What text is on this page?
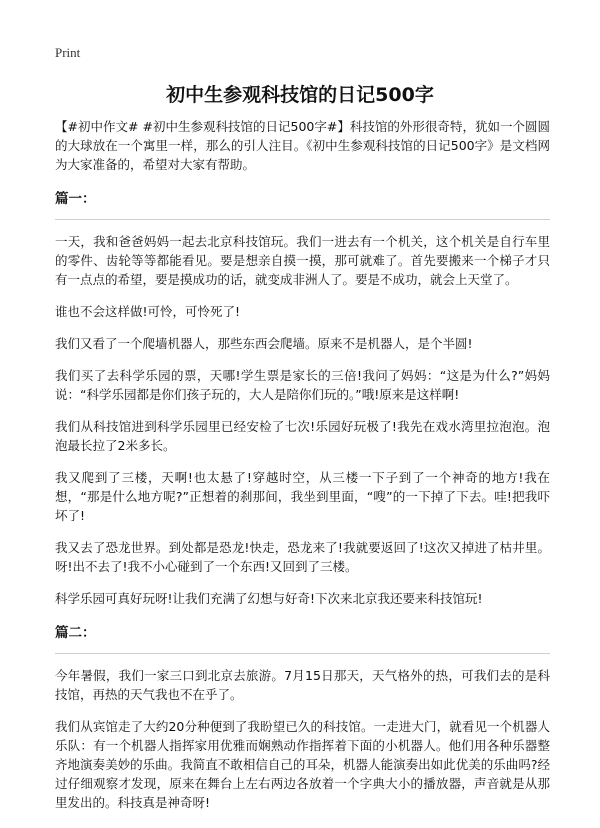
Print
初中生参观科技馆的日记500字

【#初中作文# #初中生参观科技馆的日记500字#】科技馆的外形很奇特，犹如一个圆圆的大球放在一个寓里一样，那么的引人注目。《初中生参观科技馆的日记500字》是文档网为大家准备的，希望对大家有帮助。

篇一：

一天，我和爸爸妈妈一起去北京科技馆玩。我们一进去有一个机关，这个机关是自行车里的零件、齿轮等等都能看见。要是想亲自摸一摸，那可就难了。首先要搬来一个梯子才只有一点点的希望，要是摸成功的话，就变成非洲人了。要是不成功，就会上天堂了。

谁也不会这样做!可怜，可怜死了!

我们又看了一个爬墙机器人，那些东西会爬墙。原来不是机器人，是个半圆!

我们买了去科学乐园的票，天哪!学生票是家长的三倍!我问了妈妈：“这是为什么?”妈妈说：“科学乐园都是你们孩子玩的，大人是陪你们玩的。”哦!原来是这样啊!

我们从科技馆进到科学乐园里已经安检了七次!乐园好玩极了!我先在戏水湾里拉泡泡。泡泡最长拉了2米多长。

我又爬到了三楼，天啊!也太悬了!穿越时空，从三楼一下子到了一个神奇的地方!我在想，“那是什么地方呢?”正想着的刹那间，我坐到里面，“嗖”的一下掉了下去。哇!把我吓坏了!

我又去了恐龙世界。到处都是恐龙!快走，恐龙来了!我就要返回了!这次又掉进了枯井里。呀!出不去了!我不小心碰到了一个东西!又回到了三楼。

科学乐园可真好玩呀!让我们充满了幻想与好奇!下次来北京我还要来科技馆玩!

篇二：

今年暑假，我们一家三口到北京去旅游。7月15日那天，天气格外的热，可我们去的是科技馆，再热的天气我也不在乎了。

我们从宾馆走了大约20分种便到了我盼望已久的科技馆。一走进大门，就看见一个机器人乐队：有一个机器人指挥家用优雅而娴熟动作指挥着下面的小机器人。他们用各种乐器整齐地演奏美妙的乐曲。我简直不敢相信自己的耳朵，机器人能演奏出如此优美的乐曲吗?经过仔细观察才发现，原来在舞台上左右两边各放着一个字典大小的播放器，声音就是从那里发出的。科技真是神奇呀!
